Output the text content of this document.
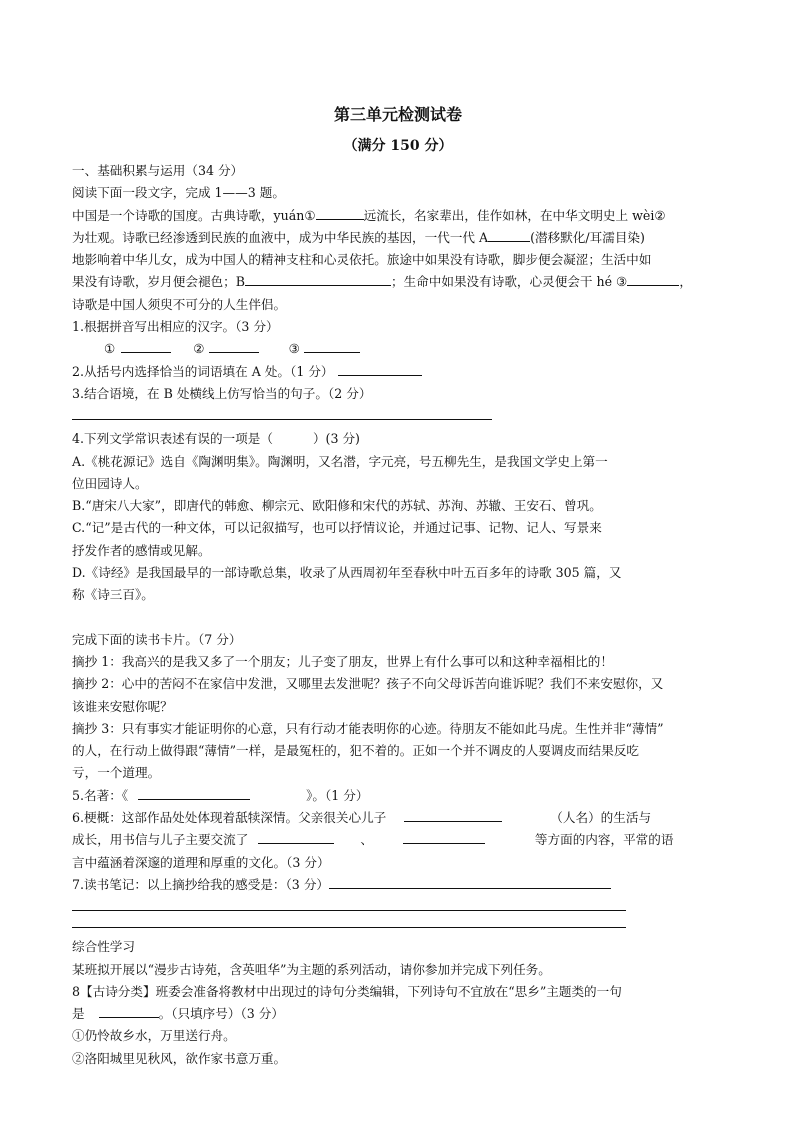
第三单元检测试卷
（满分 150 分）
一、基础积累与运用（34 分）
阅读下面一段文字，完成 1——3 题。
中国是一个诗歌的国度。古典诗歌，yuán①	远流长，名家辈出，佳作如林，在中华文明史上 wèi②
为壮观。诗歌已经渗透到民族的血液中，成为中华民族的基因，一代一代 A	(潜移默化/耳濡目染)
地影响着中华儿女，成为中国人的精神支柱和心灵依托。旅途中如果没有诗歌，脚步便会凝涩；生活中如
果没有诗歌，岁月便会褪色；B	；生命中如果没有诗歌，心灵便会干 hé ③	，
诗歌是中国人须臾不可分的人生伴侣。
1.根据拼音写出相应的汉字。（3 分）
①	②	③
2.从括号内选择恰当的词语填在 A 处。（1 分）
3.结合语境，在 B 处横线上仿写恰当的句子。（2 分）
4.下列文学常识表述有误的一项是（	）(3 分)
A.《桃花源记》选自《陶渊明集》。陶渊明，又名潜，字元亮，号五柳先生，是我国文学史上第一
位田园诗人。
B.“唐宋八大家”，即唐代的韩愈、柳宗元、欧阳修和宋代的苏轼、苏洵、苏辙、王安石、曾巩。
C.“记”是古代的一种文体，可以记叙描写，也可以抒情议论，并通过记事、记物、记人、写景来
抒发作者的感情或见解。
D.《诗经》是我国最早的一部诗歌总集，收录了从西周初年至春秋中叶五百多年的诗歌 305 篇，又
称《诗三百》。
完成下面的读书卡片。（7 分）
摘抄 1：我高兴的是我又多了一个朋友；儿子变了朋友，世界上有什么事可以和这种幸福相比的！
摘抄 2：心中的苦闷不在家信中发泄，又哪里去发泄呢？孩子不向父母诉苦向谁诉呢？我们不来安慰你，又
该谁来安慰你呢？
摘抄 3：只有事实才能证明你的心意，只有行动才能表明你的心迹。待朋友不能如此马虎。生性并非“薄情”
的人，在行动上做得跟“薄情”一样，是最冤枉的，犯不着的。正如一个并不调皮的人耍调皮而结果反吃
亏，一个道理。
5.名著：《	》。（1 分）
6.梗概：这部作品处处体现着舐犊深情。父亲很关心儿子	（人名）的生活与
成长，用书信与儿子主要交流了	、	等方面的内容，平常的语
言中蕴涵着深邃的道理和厚重的文化。（3 分）
7.读书笔记：以上摘抄给我的感受是：（3 分）
综合性学习
某班拟开展以“漫步古诗苑，含英咀华”为主题的系列活动，请你参加并完成下列任务。
8【古诗分类】班委会准备将教材中出现过的诗句分类编辑，下列诗句不宜放在“思乡”主题类的一句
是	。（只填序号）（3 分）
①仍怜故乡水，万里送行舟。
②洛阳城里见秋风，欲作家书意万重。
